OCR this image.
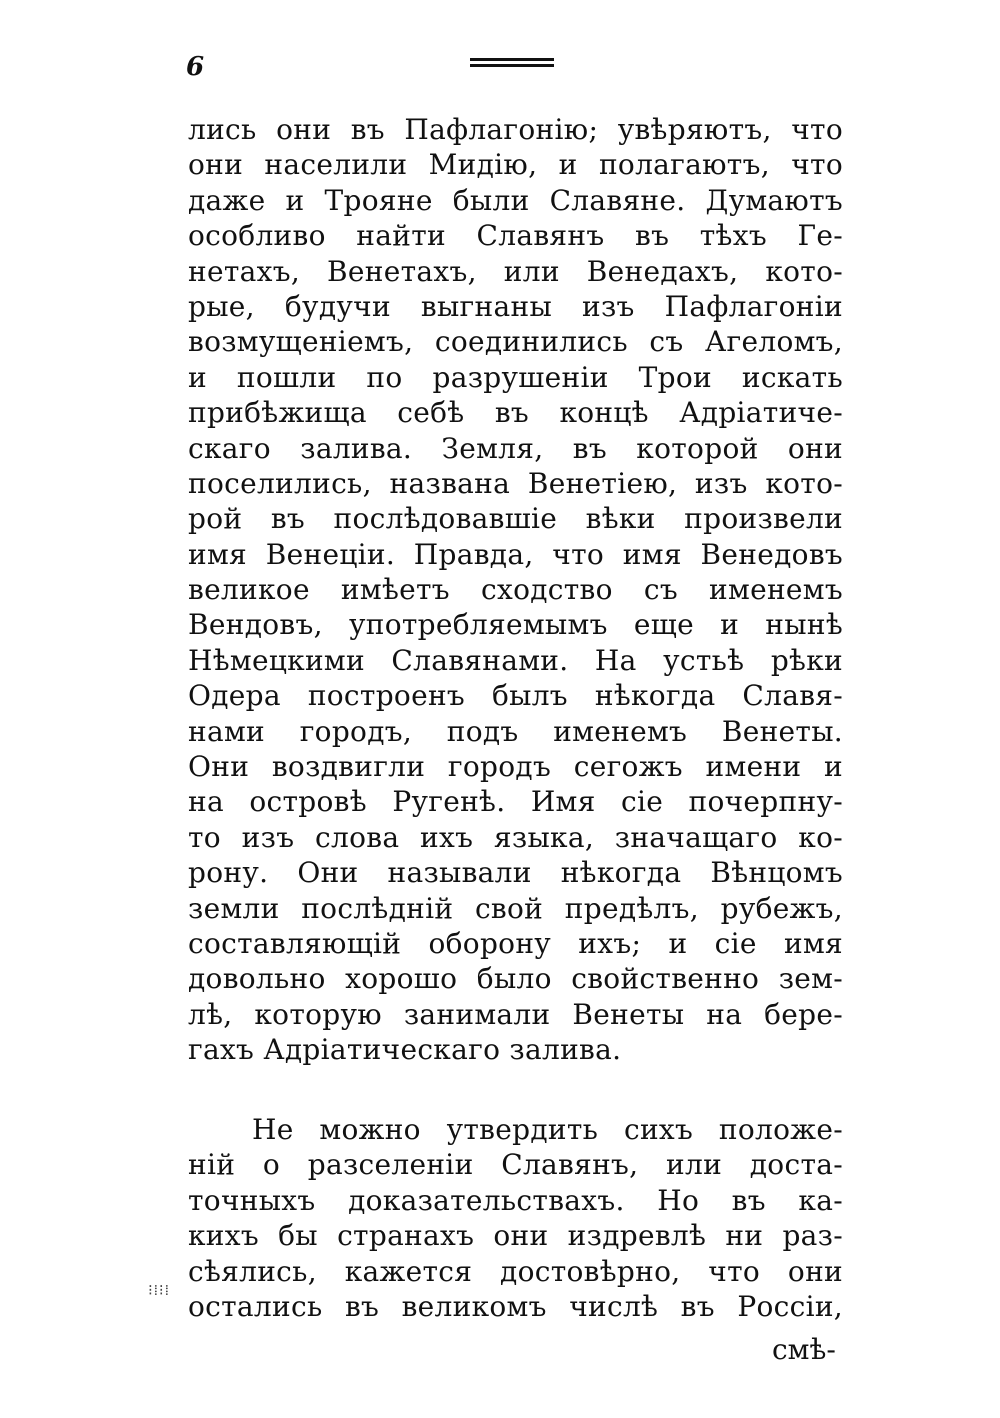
6
лись они въ Пафлагонію; увѣряютъ, что
они населили Мидію, и полагаютъ, что
даже и Трояне были Славяне. Думаютъ
особливо найти Славянъ въ тѣхъ Ге-
нетахъ, Венетахъ, или Венедахъ, кото-
рые, будучи выгнаны изъ Пафлагоніи
возмущеніемъ, соединились съ Агеломъ,
и пошли по разрушеніи Трои искать
прибѣжища себѣ въ концѣ Адріатиче-
скаго залива. Земля, въ которой они
поселились, названа Венетіею, изъ кото-
рой въ послѣдовавшіе вѣки произвели
имя Венеціи. Правда, что имя Венедовъ
великое имѣетъ сходство съ именемъ
Вендовъ, употребляемымъ еще и нынѣ
Нѣмецкими Славянами. На устьѣ рѣки
Одера построенъ былъ нѣкогда Славя-
нами городъ, подъ именемъ Венеты.
Они воздвигли городъ сегожъ имени и
на островѣ Ругенѣ. Имя сіе почерпну-
то изъ слова ихъ языка, значащаго ко-
рону. Они называли нѣкогда Вѣнцомъ
земли послѣдній свой предѣлъ, рубежъ,
составляющій оборону ихъ; и сіе имя
довольно хорошо было свойственно зем-
лѣ, которую занимали Венеты на бере-
гахъ Адріатическаго залива.
Не можно утвердить сихъ положе-
ній о разселеніи Славянъ, или доста-
точныхъ доказательствахъ. Но въ ка-
кихъ бы странахъ они издревлѣ ни раз-
сѣялись, кажется достовѣрно, что они
остались въ великомъ числѣ въ Россіи,
⁝⁞⁝⁞
смѣ-
